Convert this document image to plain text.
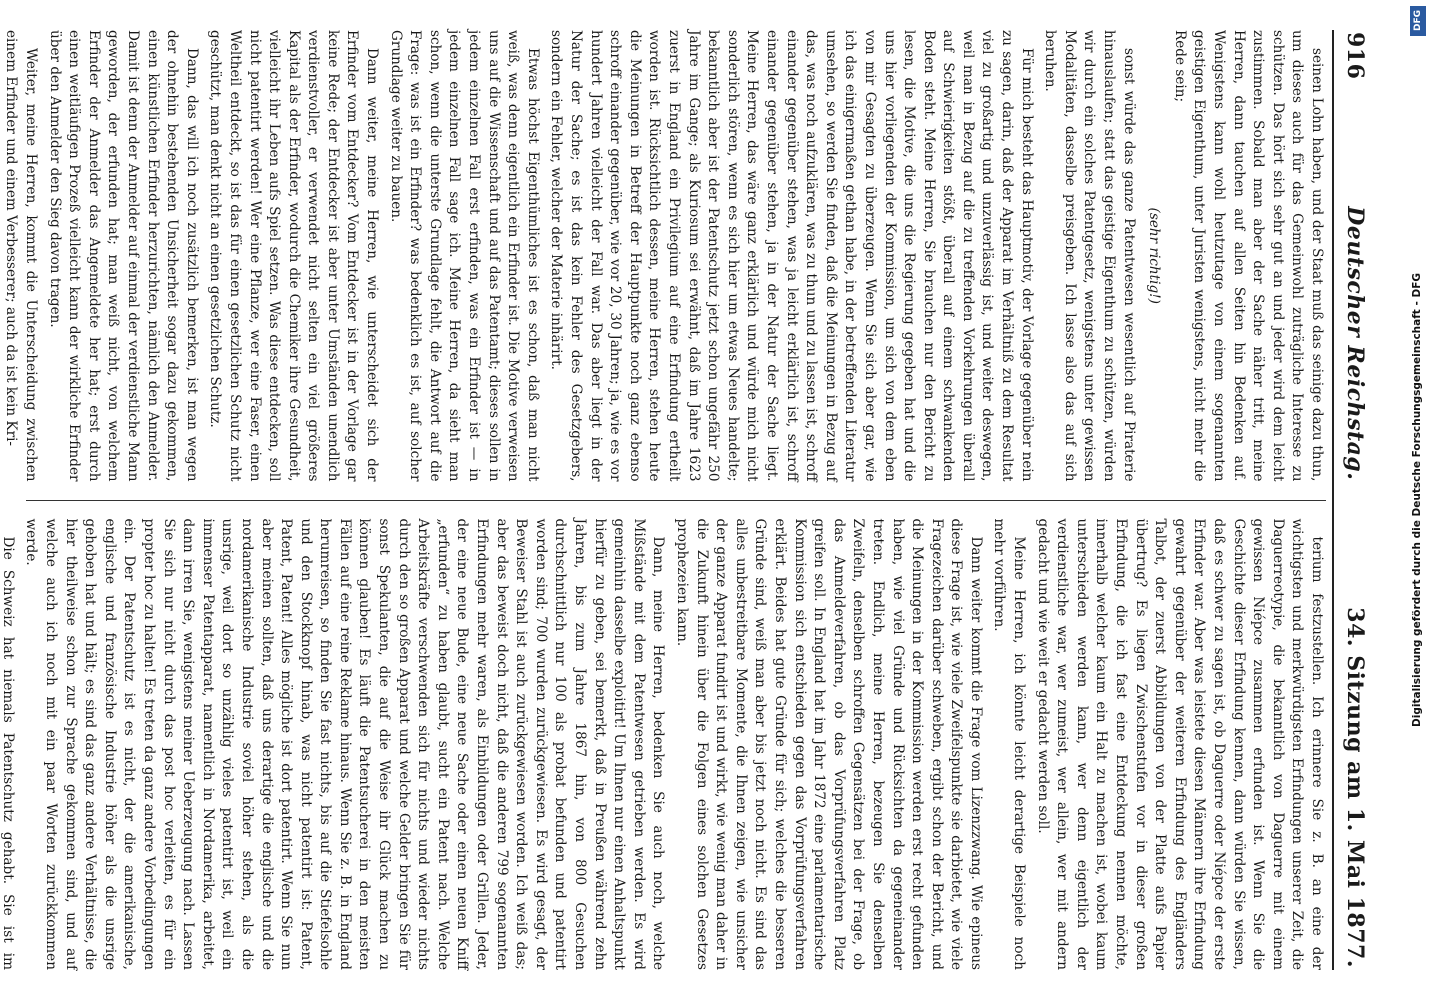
916
Deutscher Reichstag.
34. Sitzung am 1. Mai 1877.

seinen Lohn haben, und der Staat muß das seinige dazu thun, um dieses auch für das Gemeinwohl zuträgliche Interesse zu schützen. Das hört sich sehr gut an und jeder wird dem leicht zustimmen. Sobald man aber der Sache näher tritt, meine Herren, dann tauchen auf allen Seiten hin Bedenken auf. Wenigstens kann wohl heutzutage von einem sogenannten geistigen Eigenthum, unter Juristen wenigstens, nicht mehr die Rede sein;

(sehr richtig!)

sonst würde das ganze Patentwesen wesentlich auf Piraterie hinauslaufen; statt das geistige Eigenthum zu schützen, würden wir durch ein solches Patentgesetz, wenigstens unter gewissen Modalitäten, dasselbe preisgeben. Ich lasse also das auf sich beruhen.

Für mich besteht das Hauptmotiv, der Vorlage gegenüber nein zu sagen, darin, daß der Apparat im Verhältniß zu dem Resultat viel zu großartig und unzuverlässig ist, und weiter deswegen, weil man in Bezug auf die zu treffenden Vorkehrungen überall auf Schwierigkeiten stößt, überall auf einem schwankenden Boden steht. Meine Herren, Sie brauchen nur den Bericht zu lesen, die Motive, die uns die Regierung gegeben hat und die uns hier vorliegenden der Kommission, um sich von dem eben von mir Gesagten zu überzeugen. Wenn Sie sich aber gar, wie ich das einigermaßen gethan habe, in der betreffenden Literatur umsehen, so werden Sie finden, daß die Meinungen in Bezug auf das, was noch aufzuklären, was zu thun und zu lassen ist, schroff einander gegenüber stehen, was ja leicht erklärlich ist, schroff einander gegenüber stehen, ja in der Natur der Sache liegt. Meine Herren, das wäre ganz erklärlich und würde mich nicht sonderlich stören, wenn es sich hier um etwas Neues handelte; bekanntlich aber ist der Patentschutz jetzt schon ungefähr 250 Jahre im Gange; als Kuriosum sei erwähnt, daß im Jahre 1623 zuerst in England ein Privilegium auf eine Erfindung ertheilt worden ist. Rücksichtlich dessen, meine Herren, stehen heute die Meinungen in Betreff der Hauptpunkte noch ganz ebenso schroff einander gegenüber, wie vor 20, 30 Jahren; ja, wie es vor hundert Jahren vielleicht der Fall war. Das aber liegt in der Natur der Sache; es ist das kein Fehler des Gesetzgebers, sondern ein Fehler, welcher der Materie inhärirt.

Etwas höchst Eigenthümliches ist es schon, daß man nicht weiß, was denn eigentlich ein Erfinder ist. Die Motive verweisen uns auf die Wissenschaft und auf das Patentamt; dieses sollen in jedem einzelnen Fall erst erfinden, was ein Erfinder ist — in jedem einzelnen Fall sage ich. Meine Herren, da sieht man schon, wenn die unterste Grundlage fehlt, die Antwort auf die Frage: was ist ein Erfinder? was bedenklich es ist, auf solcher Grundlage weiter zu bauen.

Dann weiter, meine Herren, wie unterscheidet sich der Erfinder vom Entdecker? Vom Entdecker ist in der Vorlage gar keine Rede; der Entdecker ist aber unter Umständen unendlich verdienstvoller, er verwendet nicht selten ein viel größeres Kapital als der Erfinder, wodurch die Chemiker ihre Gesundheit, vielleicht ihr Leben aufs Spiel setzen. Was diese entdecken, soll nicht patentirt werden! Wer eine Pflanze, wer eine Faser, einen Weltheil entdeckt, so ist das für einen gesetzlichen Schutz nicht geschützt, man denkt nicht an einen gesetzlichen Schutz.

Dann, das will ich noch zusätzlich bemerken, ist man wegen der ohnehin bestehenden Unsicherheit sogar dazu gekommen, einen künstlichen Erfinder herzurichten, nämlich den Anmelder. Damit ist denn der Anmelder auf einmal der verdienstliche Mann geworden, der erfunden hat; man weiß nicht, von welchem Erfinder der Anmelder das Angemeldete her hat; erst durch einen weitläufigen Prozeß vielleicht kann der wirkliche Erfinder über den Anmelder den Sieg davon tragen.

Weiter, meine Herren, kommt die Unterscheidung zwischen einem Erfinder und einem Verbesserer; auch da ist kein Kri-

terium festzustellen. Ich erinnere Sie z. B. an eine der wichtigsten und merkwürdigsten Erfindungen unserer Zeit, die Daguerreotypie, die bekanntlich von Daguerre mit einem gewissen Niépce zusammen erfunden ist. Wenn Sie die Geschichte dieser Erfindung kennen, dann würden Sie wissen, daß es schwer zu sagen ist, ob Daguerre oder Niépce der erste Erfinder war. Aber was leistete diesen Männern ihre Erfindung gewahrt gegenüber der weiteren Erfindung des Engländers Talbot, der zuerst Abbildungen von der Platte aufs Papier übertrug? Es liegen Zwischenstufen vor in dieser großen Erfindung, die ich fast eine Entdeckung nennen möchte, innerhalb welcher kaum ein Halt zu machen ist, wobei kaum unterschieden werden kann, wer denn eigentlich der verdienstliche war, wer zumeist, wer allein, wer mit andern gedacht und wie weit er gedacht werden soll.

Meine Herren, ich könnte leicht derartige Beispiele noch mehr vorführen.

Dann weiter kommt die Frage vom Lizenzzwang. Wie epineus diese Frage ist, wie viele Zweifelspunkte sie darbietet, wie viele Fragezeichen darüber schweben, ergibt schon der Bericht, und die Meinungen in der Kommission werden erst recht gefunden haben, wie viel Gründe und Rücksichten da gegeneinander treten. Endlich, meine Herren, bezeugen Sie denselben Zweifeln, denselben schroffen Gegensätzen bei der Frage, ob das Anmeldeverfahren, ob das Vorprüfungsverfahren Platz greifen soll. In England hat im Jahr 1872 eine parlamentarische Kommission sich entschieden gegen das Vorprüfungsverfahren erklärt. Beides hat gute Gründe für sich; welches die besseren Gründe sind, weiß man aber bis jetzt noch nicht. Es sind das alles unbestreitbare Momente, die Ihnen zeigen, wie unsicher der ganze Apparat fundirt ist und wirkt, wie wenig man daher in die Zukunft hinein über die Folgen eines solchen Gesetzes prophezeien kann.

Dann, meine Herren, bedenken Sie auch noch, welche Mißstände mit dem Patentwesen getrieben werden. Es wird gemeinhin dasselbe exploitirt! Um Ihnen nur einen Anhaltspunkt hierfür zu geben, sei bemerkt, daß in Preußen während zehn Jahren, bis zum Jahre 1867 hin, von 800 Gesuchen durchschnittlich nur 100 als probat befunden und patentirt worden sind; 700 wurden zurückgewiesen. Es wird gesagt, der Beweiser Stahl ist auch zurückgewiesen worden. Ich weiß das; aber das beweist doch nicht, daß die anderen 799 sogenannten Erfindungen mehr waren, als Einbildungen oder Grillen. Jeder, der eine neue Bude, eine neue Sache oder einen neuen Kniff „erfunden“ zu haben glaubt, sucht ein Patent nach. Welche Arbeitskräfte verschwenden sich für nichts und wieder nichts durch den so großen Apparat und welche Gelder bringen Sie für sonst Spekulanten, die auf die Weise ihr Glück machen zu können glauben! Es läuft die Patentsucherei in den meisten Fällen auf eine reine Reklame hinaus. Wenn Sie z. B. in England herumreisen, so finden Sie fast nichts, bis auf die Stiefelsohle und den Stockknopf hinab, was nicht patentirt ist: Patent, Patent, Patent! Alles mögliche ist dort patentirt. Wenn Sie nun aber meinen sollten, daß uns derartige die englische und die nordamerikanische Industrie soviel höher stehen, als die unsrige, weil dort so unzählig vieles patentirt ist, weil ein immenser Patentapparat, namentlich in Nordamerika, arbeitet, dann irren Sie, wenigstens meiner Ueberzeugung nach. Lassen Sie sich nur nicht durch das post hoc verleiten, es für ein propter hoc zu halten! Es treten da ganz andere Vorbedingungen ein. Der Patentschutz ist es nicht, der die amerikanische, englische und französische Industrie höher als die unsrige gehoben hat und hält; es sind das ganz andere Verhältnisse, die hier theilweise schon zur Sprache gekommen sind, und auf welche auch ich noch mit ein paar Worten zurückkommen werde.

Die Schweiz hat niemals Patentschutz gehabt. Sie ist im

Digitalisierung gefördert durch die Deutsche Forschungsgemeinschaft - DFG
DFG
